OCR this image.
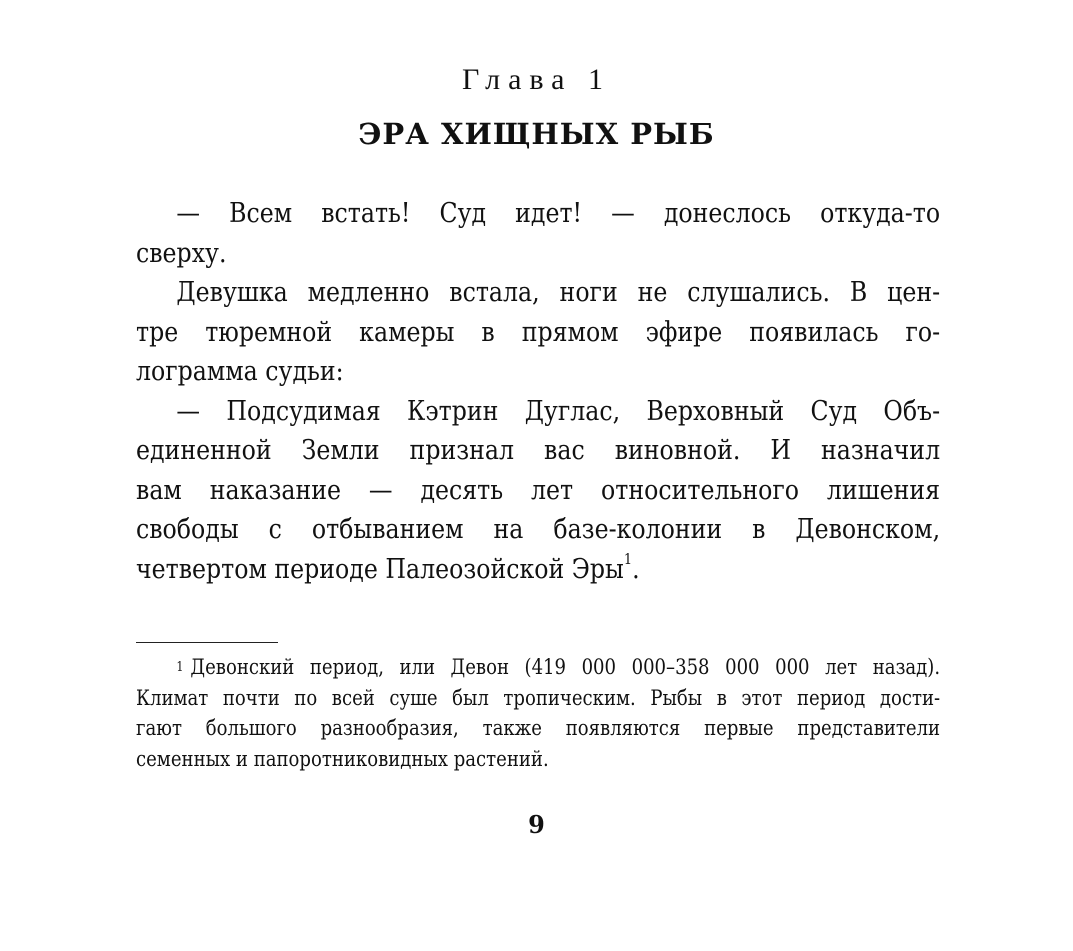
Глава 1
ЭРА ХИЩНЫХ РЫБ
— Всем встать! Суд идет! — донеслось откуда-то
сверху.
Девушка медленно встала, ноги не слушались. В цен-
тре тюремной камеры в прямом эфире появилась го-
лограмма судьи:
— Подсудимая Кэтрин Дуглас, Верховный Суд Объ-
единенной Земли признал вас виновной. И назначил
вам наказание — десять лет относительного лишения
свободы с отбыванием на базе-колонии в Девонском,
четвертом периоде Палеозойской Эры$^1$.
$^1$ Девонский период, или Девон (419 000 000–358 000 000 лет назад).
Климат почти по всей суше был тропическим. Рыбы в этот период дости-
гают большого разнообразия, также появляются первые представители
семенных и папоротниковидных растений.
9
